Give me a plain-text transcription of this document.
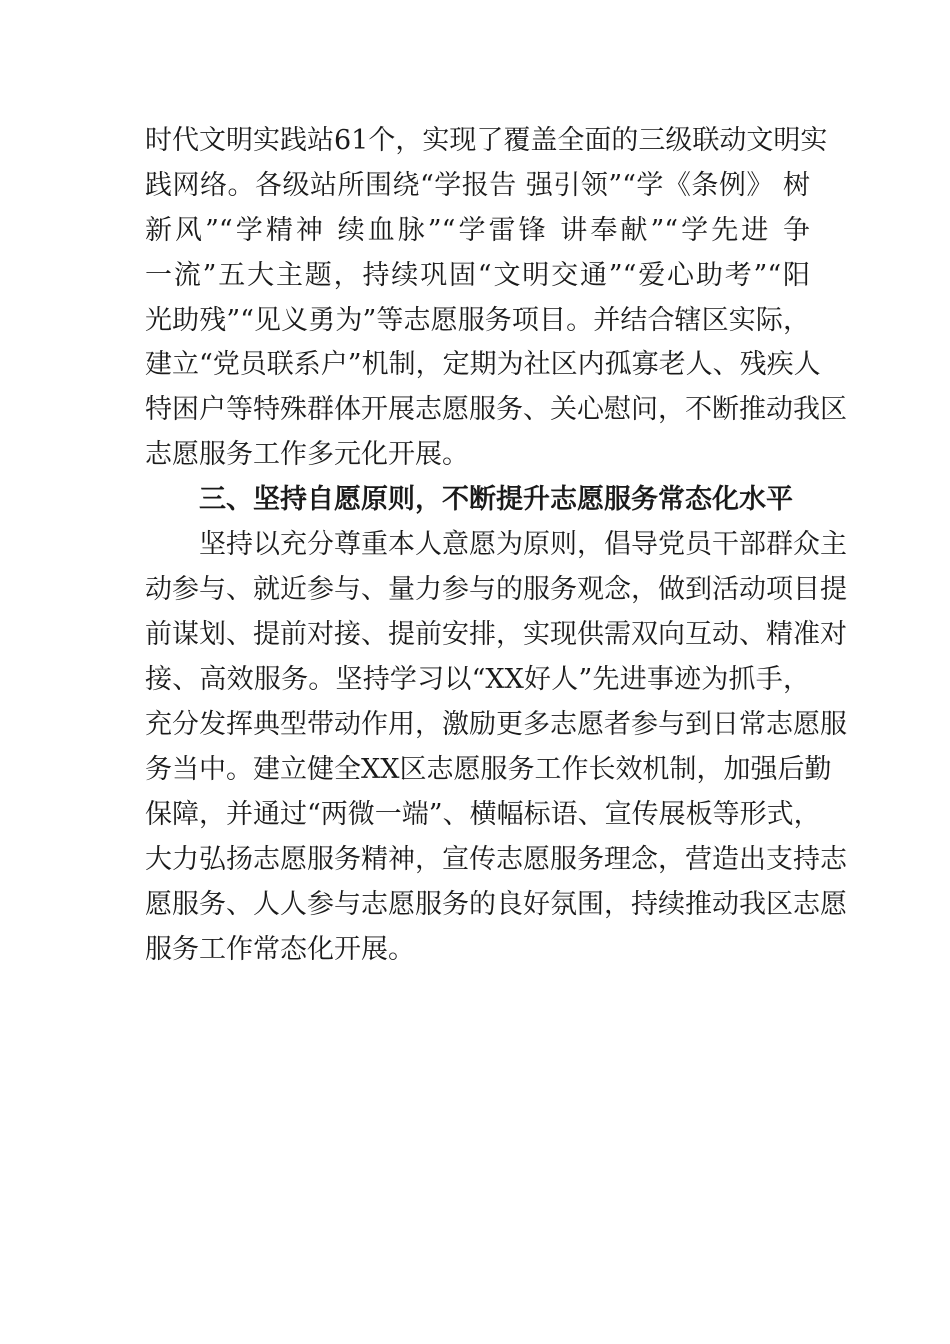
时代文明实践站61个，实现了覆盖全面的三级联动文明实
践网络。各级站所围绕“学报告 强引领”“学《条例》 树
新风”“学精神 续血脉”“学雷锋 讲奉献”“学先进 争
一流”五大主题，持续巩固“文明交通”“爱心助考”“阳
光助残”“见义勇为”等志愿服务项目。并结合辖区实际，
建立“党员联系户”机制，定期为社区内孤寡老人、残疾人
特困户等特殊群体开展志愿服务、关心慰问，不断推动我区
志愿服务工作多元化开展。
三、坚持自愿原则，不断提升志愿服务常态化水平
坚持以充分尊重本人意愿为原则，倡导党员干部群众主
动参与、就近参与、量力参与的服务观念，做到活动项目提
前谋划、提前对接、提前安排，实现供需双向互动、精准对
接、高效服务。坚持学习以“XX好人”先进事迹为抓手，
充分发挥典型带动作用，激励更多志愿者参与到日常志愿服
务当中。建立健全XX区志愿服务工作长效机制，加强后勤
保障，并通过“两微一端”、横幅标语、宣传展板等形式，
大力弘扬志愿服务精神，宣传志愿服务理念，营造出支持志
愿服务、人人参与志愿服务的良好氛围，持续推动我区志愿
服务工作常态化开展。
